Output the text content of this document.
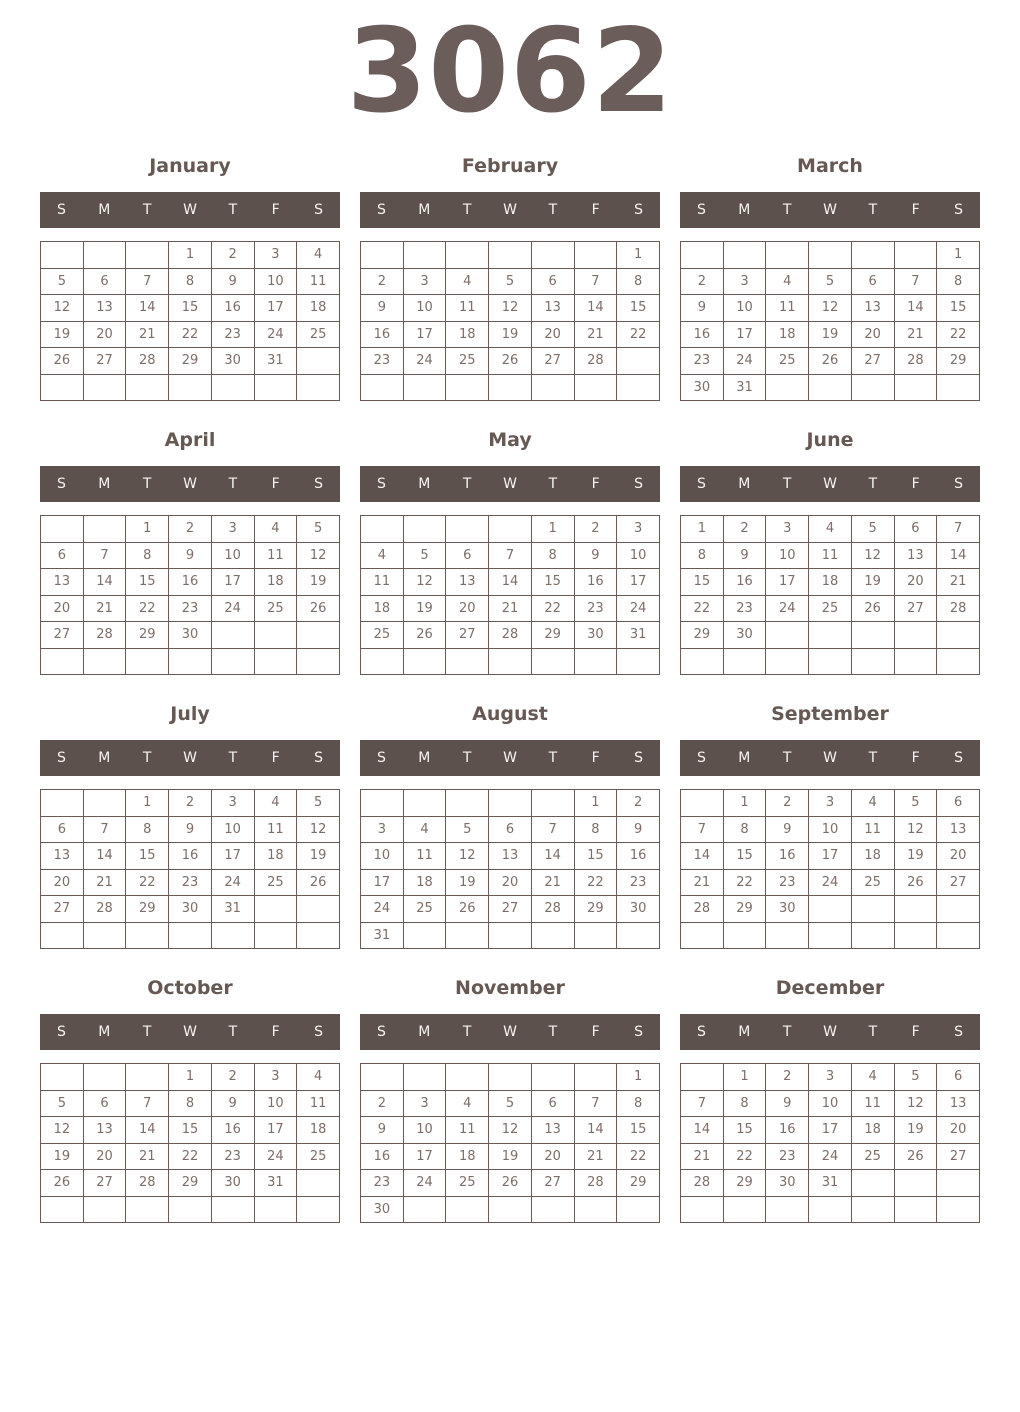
3062
January
S	M	T	W	T	F	S
			1	2	3	4
5	6	7	8	9	10	11
12	13	14	15	16	17	18
19	20	21	22	23	24	25
26	27	28	29	30	31	

February
S	M	T	W	T	F	S
						1
2	3	4	5	6	7	8
9	10	11	12	13	14	15
16	17	18	19	20	21	22
23	24	25	26	27	28	

March
S	M	T	W	T	F	S
						1
2	3	4	5	6	7	8
9	10	11	12	13	14	15
16	17	18	19	20	21	22
23	24	25	26	27	28	29
30	31					
April
S	M	T	W	T	F	S
		1	2	3	4	5
6	7	8	9	10	11	12
13	14	15	16	17	18	19
20	21	22	23	24	25	26
27	28	29	30			

May
S	M	T	W	T	F	S
				1	2	3
4	5	6	7	8	9	10
11	12	13	14	15	16	17
18	19	20	21	22	23	24
25	26	27	28	29	30	31

June
S	M	T	W	T	F	S
1	2	3	4	5	6	7
8	9	10	11	12	13	14
15	16	17	18	19	20	21
22	23	24	25	26	27	28
29	30					

July
S	M	T	W	T	F	S
		1	2	3	4	5
6	7	8	9	10	11	12
13	14	15	16	17	18	19
20	21	22	23	24	25	26
27	28	29	30	31		

August
S	M	T	W	T	F	S
					1	2
3	4	5	6	7	8	9
10	11	12	13	14	15	16
17	18	19	20	21	22	23
24	25	26	27	28	29	30
31						
September
S	M	T	W	T	F	S
	1	2	3	4	5	6
7	8	9	10	11	12	13
14	15	16	17	18	19	20
21	22	23	24	25	26	27
28	29	30				

October
S	M	T	W	T	F	S
			1	2	3	4
5	6	7	8	9	10	11
12	13	14	15	16	17	18
19	20	21	22	23	24	25
26	27	28	29	30	31	

November
S	M	T	W	T	F	S
						1
2	3	4	5	6	7	8
9	10	11	12	13	14	15
16	17	18	19	20	21	22
23	24	25	26	27	28	29
30						
December
S	M	T	W	T	F	S
	1	2	3	4	5	6
7	8	9	10	11	12	13
14	15	16	17	18	19	20
21	22	23	24	25	26	27
28	29	30	31			
